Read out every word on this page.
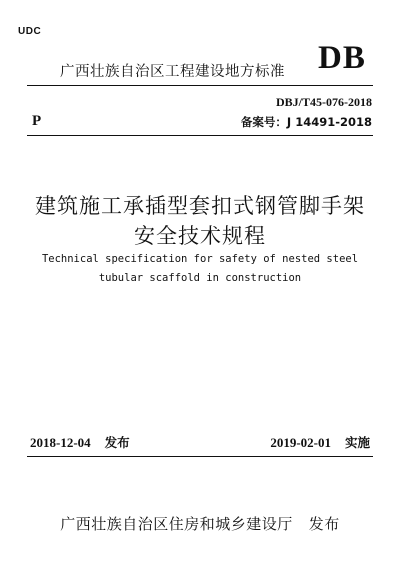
UDC
广西壮族自治区工程建设地方标准 DB
DBJ/T45-076-2018
P	备案号：J 14491-2018
建筑施工承插型套扣式钢管脚手架
安全技术规程
Technical specification for safety of nested steel
tubular scaffold in construction
2018-12-04 发布	2019-02-01 实施
广西壮族自治区住房和城乡建设厅 发布
